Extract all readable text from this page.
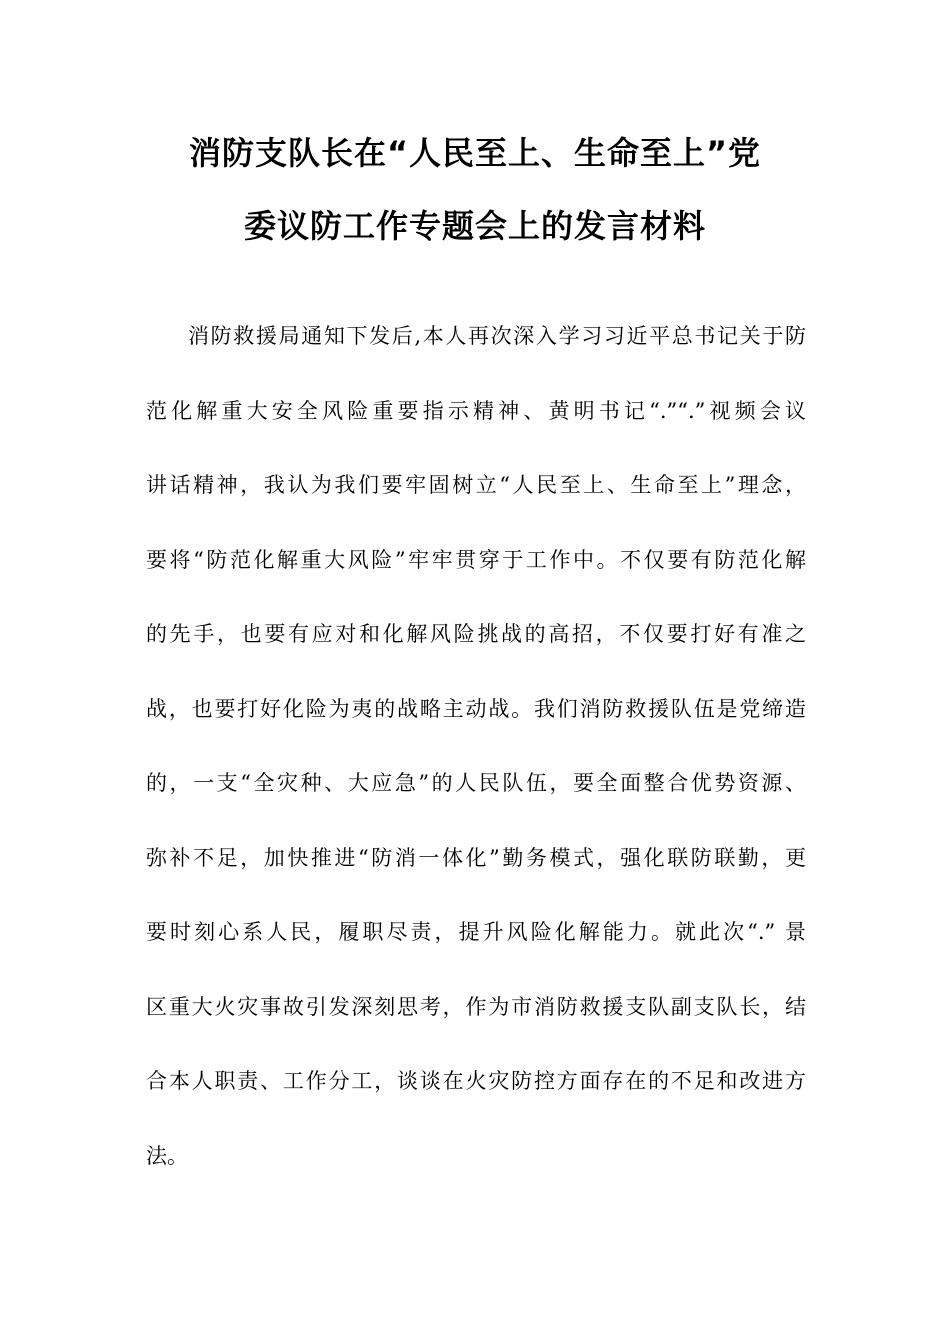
消防支队长在“人民至上、生命至上”党
委议防工作专题会上的发言材料
消防救援局通知下发后,本人再次深入学习习近平总书记关于防
范化解重大安全风险重要指示精神、黄明书记“.”“.”视频会议
讲话精神，我认为我们要牢固树立“人民至上、生命至上”理念，
要将“防范化解重大风险”牢牢贯穿于工作中。不仅要有防范化解
的先手，也要有应对和化解风险挑战的高招，不仅要打好有准之
战，也要打好化险为夷的战略主动战。我们消防救援队伍是党缔造
的，一支“全灾种、大应急”的人民队伍，要全面整合优势资源、
弥补不足，加快推进“防消一体化”勤务模式，强化联防联勤，更
要时刻心系人民，履职尽责，提升风险化解能力。就此次“.” 景
区重大火灾事故引发深刻思考，作为市消防救援支队副支队长，结
合本人职责、工作分工，谈谈在火灾防控方面存在的不足和改进方
法。
